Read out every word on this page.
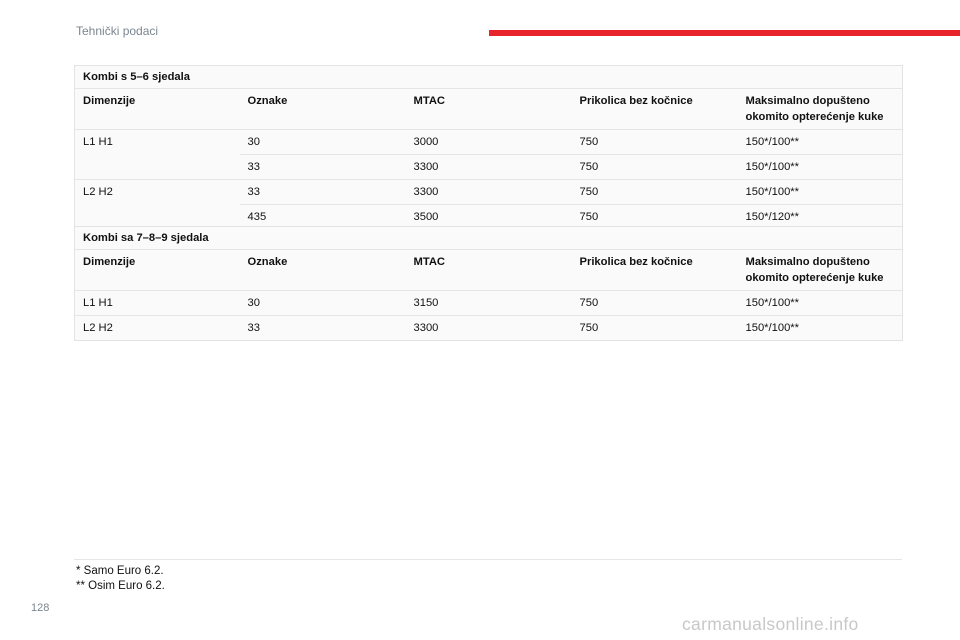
Tehnički podaci
Kombi s 5–6 sjedala				
Dimenzije	Oznake	MTAC	Prikolica bez kočnice	Maksimalno dopušteno okomito opterećenje kuke
L1 H1	30	3000	750	150*/100**
	33	3300	750	150*/100**
L2 H2	33	3300	750	150*/100**
	435	3500	750	150*/120**
Kombi sa 7–8–9 sjedala				
Dimenzije	Oznake	MTAC	Prikolica bez kočnice	Maksimalno dopušteno okomito opterećenje kuke
L1 H1	30	3150	750	150*/100**
L2 H2	33	3300	750	150*/100**
* Samo Euro 6.2.
** Osim Euro 6.2.
128
carmanualsonline.info
